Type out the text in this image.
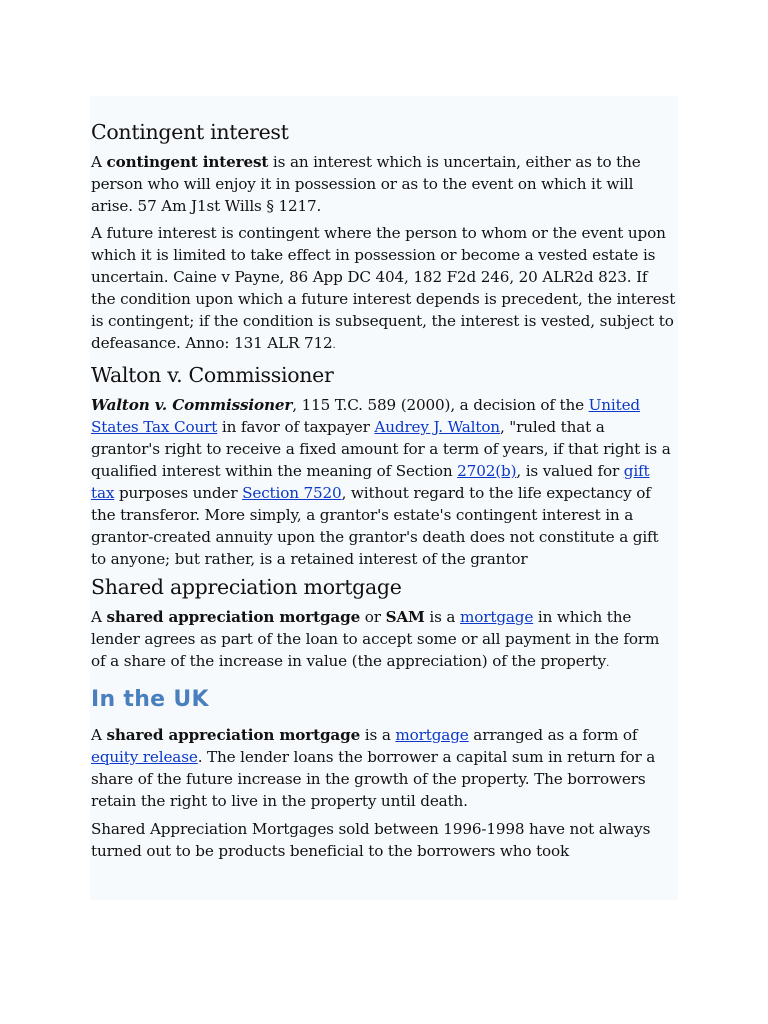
Contingent interest

A contingent interest is an interest which is uncertain, either as to the person who will enjoy it in possession or as to the event on which it will arise. 57 Am J1st Wills § 1217.

A future interest is contingent where the person to whom or the event upon which it is limited to take effect in possession or become a vested estate is uncertain. Caine v Payne, 86 App DC 404, 182 F2d 246, 20 ALR2d 823. If the condition upon which a future interest depends is precedent, the interest is contingent; if the condition is subsequent, the interest is vested, subject to defeasance. Anno: 131 ALR 712.

Walton v. Commissioner

Walton v. Commissioner, 115 T.C. 589 (2000), a decision of the United States Tax Court in favor of taxpayer Audrey J. Walton, "ruled that a grantor's right to receive a fixed amount for a term of years, if that right is a qualified interest within the meaning of Section 2702(b), is valued for gift tax purposes under Section 7520, without regard to the life expectancy of the transferor. More simply, a grantor's estate's contingent interest in a grantor-created annuity upon the grantor's death does not constitute a gift to anyone; but rather, is a retained interest of the grantor

Shared appreciation mortgage

A shared appreciation mortgage or SAM is a mortgage in which the lender agrees as part of the loan to accept some or all payment in the form of a share of the increase in value (the appreciation) of the property.

In the UK

A shared appreciation mortgage is a mortgage arranged as a form of equity release. The lender loans the borrower a capital sum in return for a share of the future increase in the growth of the property. The borrowers retain the right to live in the property until death.

Shared Appreciation Mortgages sold between 1996-1998 have not always turned out to be products beneficial to the borrowers who took
